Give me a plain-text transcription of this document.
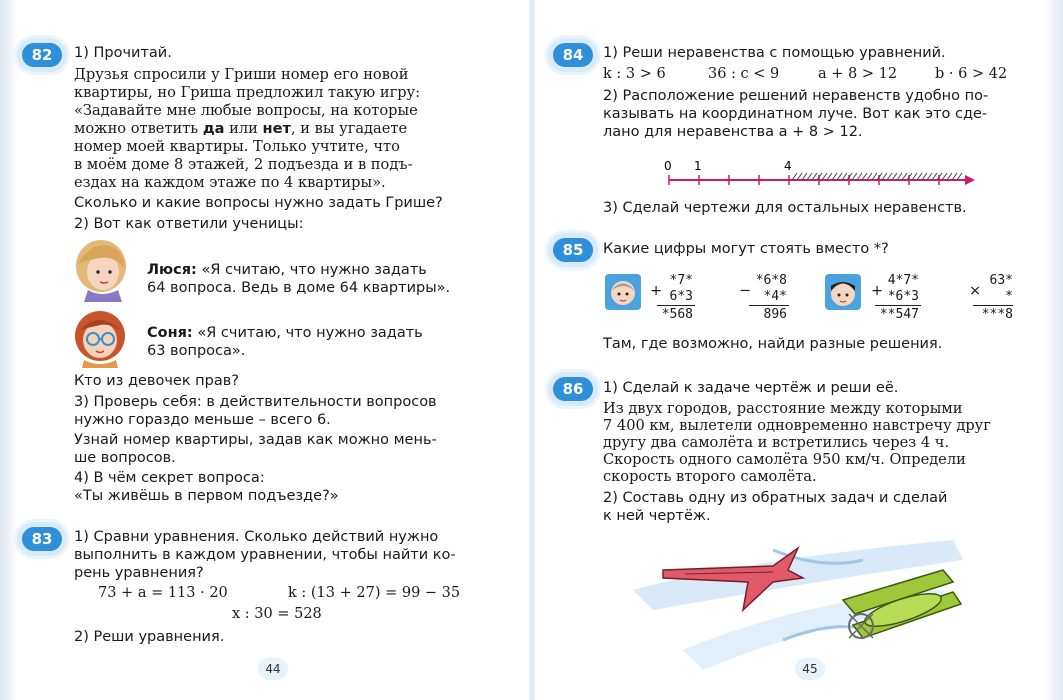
82	1) Прочитай.
Друзья спросили у Гриши номер его новой
квартиры, но Гриша предложил такую игру:
«Задавайте мне любые вопросы, на которые
можно ответить да или нет, и вы угадаете
номер моей квартиры. Только учтите, что
в моём доме 8 этажей, 2 подъезда и в подъ-
ездах на каждом этаже по 4 квартиры».
Сколько и какие вопросы нужно задать Грише?
2) Вот как ответили ученицы:
Люся: «Я считаю, что нужно задать
64 вопроса. Ведь в доме 64 квартиры».
Соня: «Я считаю, что нужно задать
63 вопроса».
Кто из девочек прав?
3) Проверь себя: в действительности вопросов
нужно гораздо меньше – всего 6.
Узнай номер квартиры, задав как можно мень-
ше вопросов.
4) В чём секрет вопроса:
«Ты живёшь в первом подъезде?»
83	1) Сравни уравнения. Сколько действий нужно
выполнить в каждом уравнении, чтобы найти ко-
рень уравнения?
73 + a = 113 · 20	k : (13 + 27) = 99 − 35
x : 30 = 528
2) Реши уравнения.
44
84	1) Реши неравенства с помощью уравнений.
k : 3 > 6	36 : c < 9	a + 8 > 12	b · 6 > 42
2) Расположение решений неравенств удобно по-
казывать на координатном луче. Вот как это сде-
лано для неравенства a + 8 > 12.
0 1	4
3) Сделай чертежи для остальных неравенств.
85	Какие цифры могут стоять вместо *?
+
*7*
6*3
*568
−
*6*8
*4*
896
+
4*7*
*6*3
**547
×
63*
*
***8
Там, где возможно, найди разные решения.
86	1) Сделай к задаче чертёж и реши её.
Из двух городов, расстояние между которыми
7 400 км, вылетели одновременно навстречу друг
другу два самолёта и встретились через 4 ч.
Скорость одного самолёта 950 км/ч. Определи
скорость второго самолёта.
2) Составь одну из обратных задач и сделай
к ней чертёж.
45
